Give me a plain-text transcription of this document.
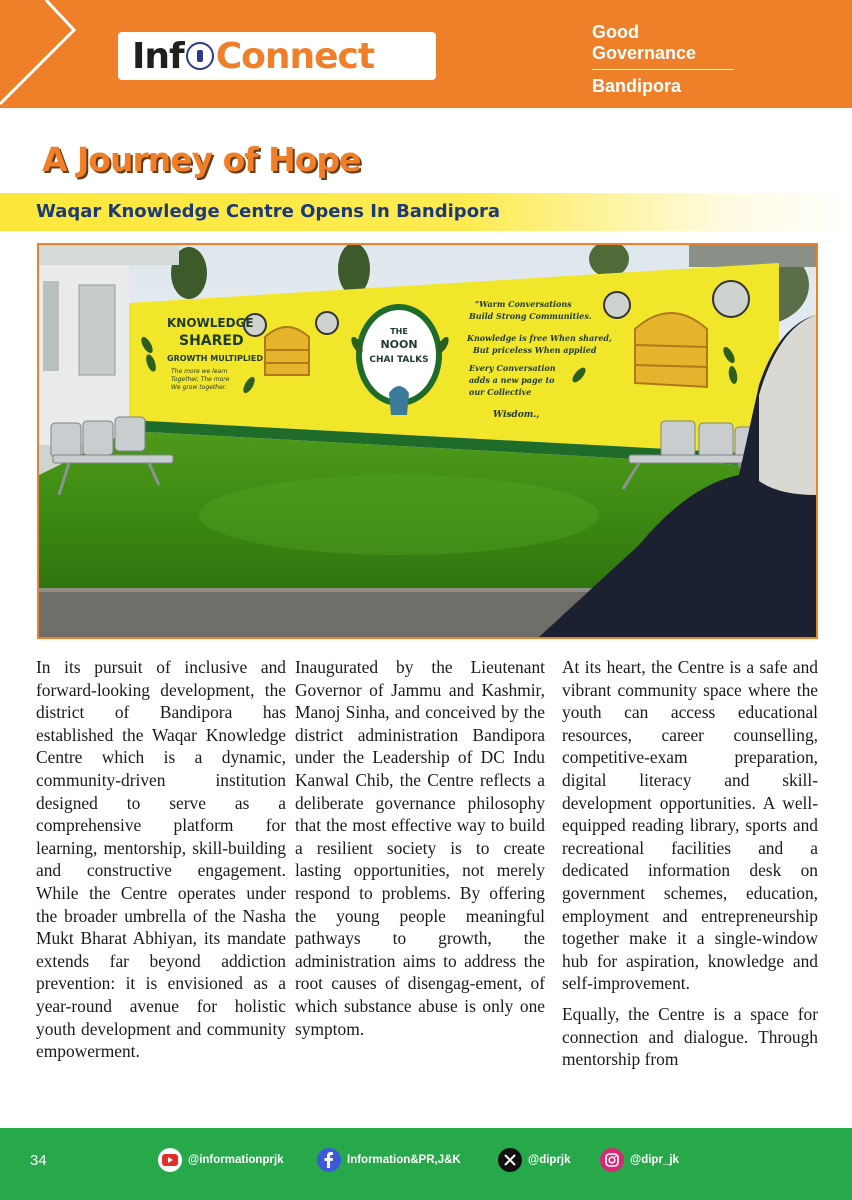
Inf Connect
Good Governance
Bandipora
A Journey of Hope
Waqar Knowledge Centre Opens In Bandipora
THE
NOON
CHAI TALKS
KNOWLEDGE
SHARED
GROWTH MULTIPLIED
The more we learn
Together, The more
We grow together.
"Warm Conversations
Build Strong Communities.
Knowledge is free When shared,
But priceless When applied
Every Conversation
adds a new page to
our Collective
Wisdom.,

In its pursuit of inclusive and forward-looking development, the district of Bandipora has established the Waqar Knowledge Centre which is a dynamic, community-driven institution designed to serve as a comprehensive platform for learning, mentorship, skill-building and constructive engagement. While the Centre operates under the broader umbrella of the Nasha Mukt Bharat Abhiyan, its mandate extends far beyond addiction prevention: it is envisioned as a year-round avenue for holistic youth development and community empowerment.

Inaugurated by the Lieutenant Governor of Jammu and Kashmir, Manoj Sinha, and conceived by the district administration Bandipora under the Leadership of DC Indu Kanwal Chib, the Centre reflects a deliberate governance philosophy that the most effective way to build a resilient society is to create lasting opportunities, not merely respond to problems. By offering the young people meaningful pathways to growth, the administration aims to address the root causes of disengag-ement, of which substance abuse is only one symptom.

At its heart, the Centre is a safe and vibrant community space where the youth can access educational resources, career counselling, competitive-exam preparation, digital literacy and skill-development opportunities. A well-equipped reading library, sports and recreational facilities and a dedicated information desk on government schemes, education, employment and entrepreneurship together make it a single-window hub for aspiration, knowledge and self-improvement.

Equally, the Centre is a space for connection and dialogue. Through mentorship from

34	@informationprjk	Information&PR,J&K	@diprjk	@dipr_jk
